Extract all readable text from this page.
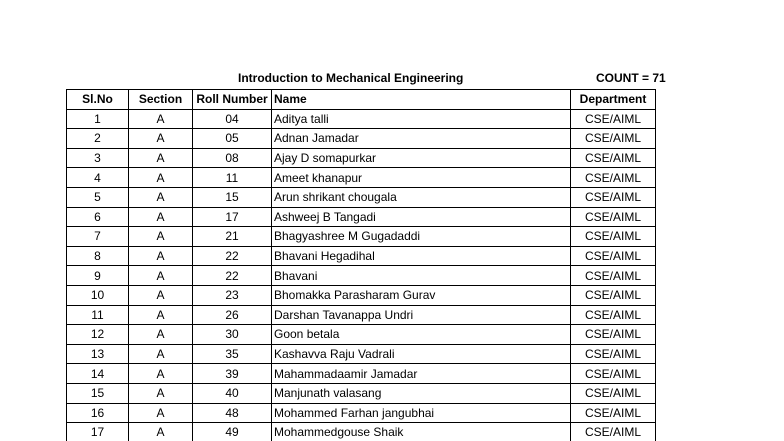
Introduction to Mechanical Engineering	COUNT = 71
Sl.No	Section	Roll Number	Name	Department
1	A	04	Aditya talli	CSE/AIML
2	A	05	Adnan Jamadar	CSE/AIML
3	A	08	Ajay D somapurkar	CSE/AIML
4	A	11	Ameet khanapur	CSE/AIML
5	A	15	Arun shrikant chougala	CSE/AIML
6	A	17	Ashweej B Tangadi	CSE/AIML
7	A	21	Bhagyashree M Gugadaddi	CSE/AIML
8	A	22	Bhavani Hegadihal	CSE/AIML
9	A	22	Bhavani	CSE/AIML
10	A	23	Bhomakka Parasharam Gurav	CSE/AIML
11	A	26	Darshan Tavanappa Undri	CSE/AIML
12	A	30	Goon betala	CSE/AIML
13	A	35	Kashavva Raju Vadrali	CSE/AIML
14	A	39	Mahammadaamir Jamadar	CSE/AIML
15	A	40	Manjunath valasang	CSE/AIML
16	A	48	Mohammed Farhan jangubhai	CSE/AIML
17	A	49	Mohammedgouse Shaik	CSE/AIML
